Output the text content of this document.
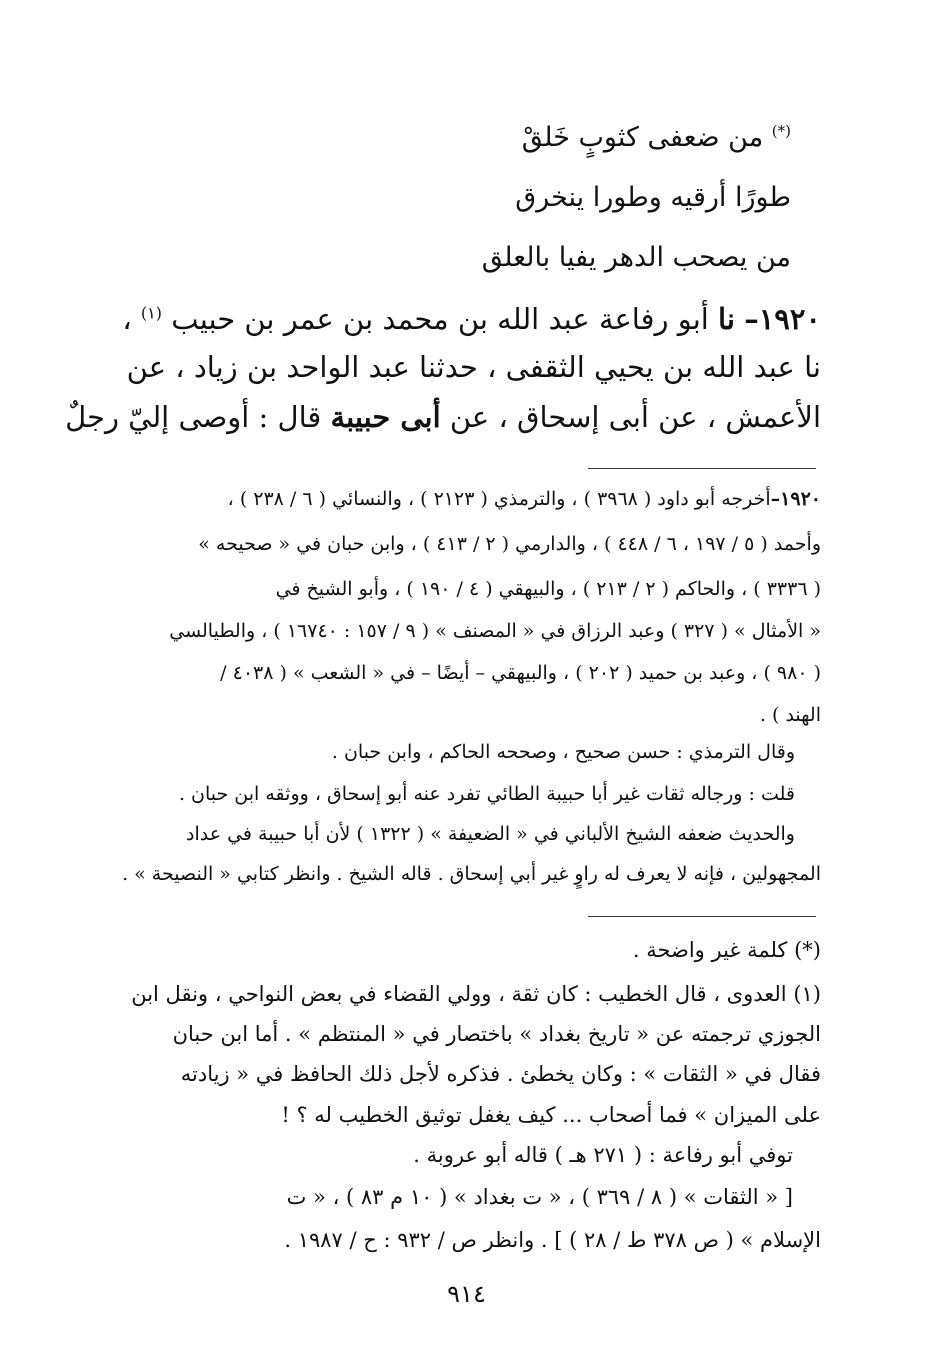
(*) من ضعفى كثوبٍ خَلقْ
طورًا أرقيه وطورا ينخرق
من يصحب الدهر يفيا بالعلق
١٩٢٠– نا أبو رفاعة عبد الله بن محمد بن عمر بن حبيب $^{(١)}$ ،
نا عبد الله بن يحيي الثقفى ، حدثنا عبد الواحد بن زياد ، عن
الأعمش ، عن أبى إسحاق ، عن أبى حبيبة قال : أوصى إليّ رجلٌ
١٩٢٠–أخرجه أبو داود ( ٣٩٦٨ ) ، والترمذي ( ٢١٢٣ ) ، والنسائي ( ٦ / ٢٣٨ ) ،
وأحمد ( ٥ / ١٩٧ ، ٦ / ٤٤٨ ) ، والدارمي ( ٢ / ٤١٣ ) ، وابن حبان في « صحيحه »
( ٣٣٣٦ ) ، والحاكم ( ٢ / ٢١٣ ) ، والبيهقي ( ٤ / ١٩٠ ) ، وأبو الشيخ في
« الأمثال » ( ٣٢٧ ) وعبد الرزاق في « المصنف » ( ٩ / ١٥٧ : ١٦٧٤٠ ) ، والطيالسي
( ٩٨٠ ) ، وعبد بن حميد ( ٢٠٢ ) ، والبيهقي – أيضًا – في « الشعب » ( ٤٠٣٨ /
الهند ) .
وقال الترمذي : حسن صحيح ، وصححه الحاكم ، وابن حبان .
قلت : ورجاله ثقات غير أبا حبيبة الطائي تفرد عنه أبو إسحاق ، ووثقه ابن حبان .
والحديث ضعفه الشيخ الألباني في « الضعيفة » ( ١٣٢٢ ) لأن أبا حبيبة في عداد
المجهولين ، فإنه لا يعرف له راوٍ غير أبي إسحاق . قاله الشيخ . وانظر كتابي « النصيحة » .
(*) كلمة غير واضحة .
(١) العدوى ، قال الخطيب : كان ثقة ، وولي القضاء في بعض النواحي ، ونقل ابن
الجوزي ترجمته عن « تاريخ بغداد » باختصار في « المنتظم » . أما ابن حبان
فقال في « الثقات » : وكان يخطئ . فذكره لأجل ذلك الحافظ في « زيادته
على الميزان » فما أصحاب ... كيف يغفل توثيق الخطيب له ؟ !
توفي أبو رفاعة : ( ٢٧١ هـ ) قاله أبو عروبة .
[ « الثقات » ( ٨ / ٣٦٩ ) ، « ت بغداد » ( ١٠ م ٨٣ ) ، « ت
الإسلام » ( ص ٣٧٨ ط / ٢٨ ) ] . وانظر ص / ٩٣٢ : ح / ١٩٨٧ .
٩١٤
